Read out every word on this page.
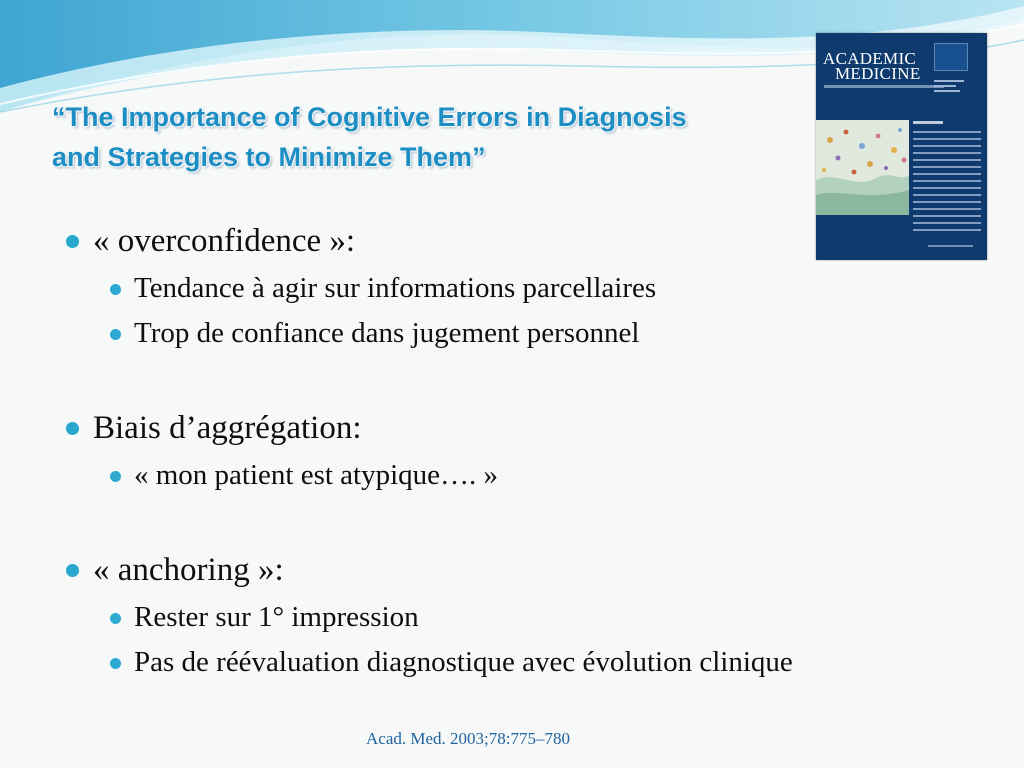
“The Importance of Cognitive Errors in Diagnosis
and Strategies to Minimize Them”
ACADEMIC
MEDICINE
« overconfidence »:
Tendance à agir sur informations parcellaires
Trop de confiance dans jugement personnel
Biais d’aggrégation:
« mon patient est atypique…. »
« anchoring »:
Rester sur 1° impression
Pas de réévaluation diagnostique avec évolution clinique
Acad. Med. 2003;78:775–780
